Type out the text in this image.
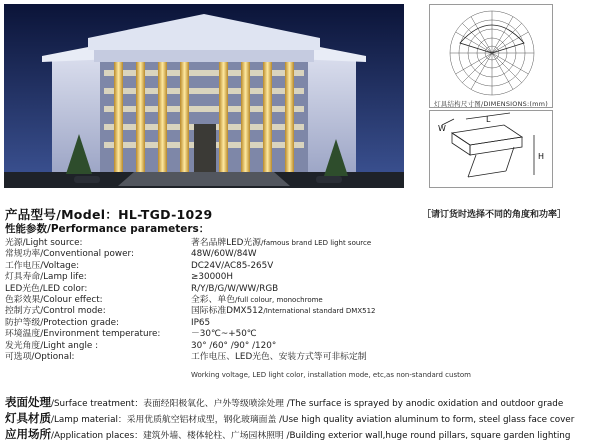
灯具结构尺寸图/DIMENSIONS:(mm)
W
L
H
产品型号/Model：HL-TGD-1029	［请订货时选择不同的角度和功率］
性能参数/Performance parameters：
光源/Light source:	著名品牌LED光源/famous brand LED light source
常规功率/Conventional power:	48W/60W/84W
工作电压/Voltage:	DC24V/AC85-265V
灯具寿命/Lamp life:	≥30000H
LED光色/LED color:	R/Y/B/G/W/WW/RGB
色彩效果/Colour effect:	全彩、单色/full colour, monochrome
控制方式/Control mode:	国际标准DMX512/International standard DMX512
防护等级/Protection grade:	IP65
环境温度/Environment temperature:	－30℃~+50℃
发光角度/Light angle :	30° /60° /90° /120°
可选项/Optional:	工作电压、LED光色、安装方式等可非标定制
Working voltage, LED light color, installation mode, etc,as non-standard custom
表面处理/Surface treatment：表面经阳极氧化、户外等级喷涂处理 /The surface is sprayed by anodic oxidation and outdoor grade
灯具材质/Lamp material：采用优质航空铝材成型，钢化玻璃面盖 /Use high quality aviation aluminum to form, steel glass face cover
应用场所/Application places：建筑外墙、楼体轮柱、广场园林照明 /Building exterior wall,huge round pillars, square garden lighting
